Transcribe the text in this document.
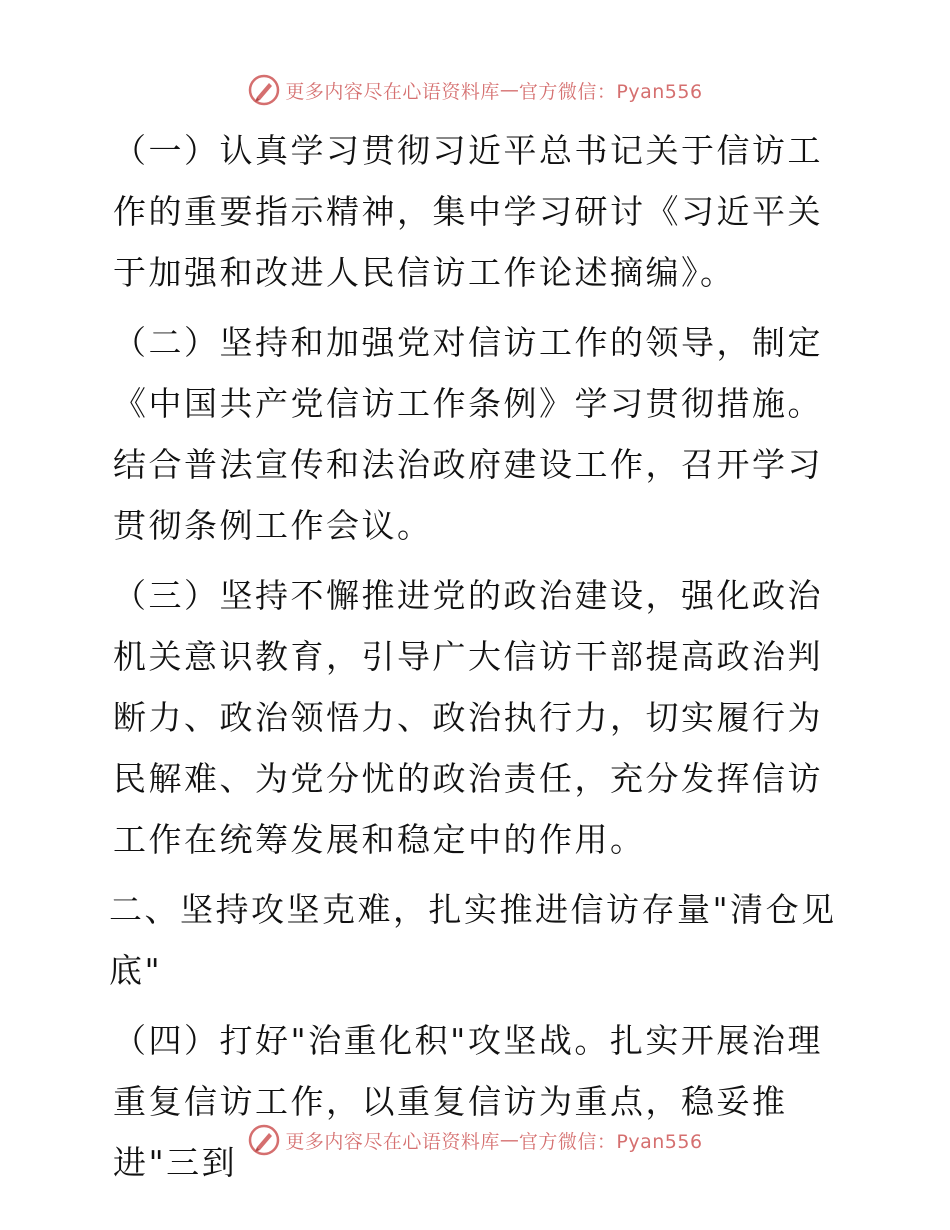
更多内容尽在心语资料库 — 官方微信：Pyan556

（一）认真学习贯彻习近平总书记关于信访工作的重要指示精神，集中学习研讨《习近平关于加强和改进人民信访工作论述摘编》。

（二）坚持和加强党对信访工作的领导，制定《中国共产党信访工作条例》学习贯彻措施。结合普法宣传和法治政府建设工作，召开学习贯彻条例工作会议。

（三）坚持不懈推进党的政治建设，强化政治机关意识教育，引导广大信访干部提高政治判断力、政治领悟力、政治执行力，切实履行为民解难、为党分忧的政治责任，充分发挥信访工作在统筹发展和稳定中的作用。

二、坚持攻坚克难，扎实推进信访存量"清仓见底"

（四）打好"治重化积"攻坚战。扎实开展治理重复信访工作，以重复信访为重点，稳妥推进"三到

更多内容尽在心语资料库 — 官方微信：Pyan556
